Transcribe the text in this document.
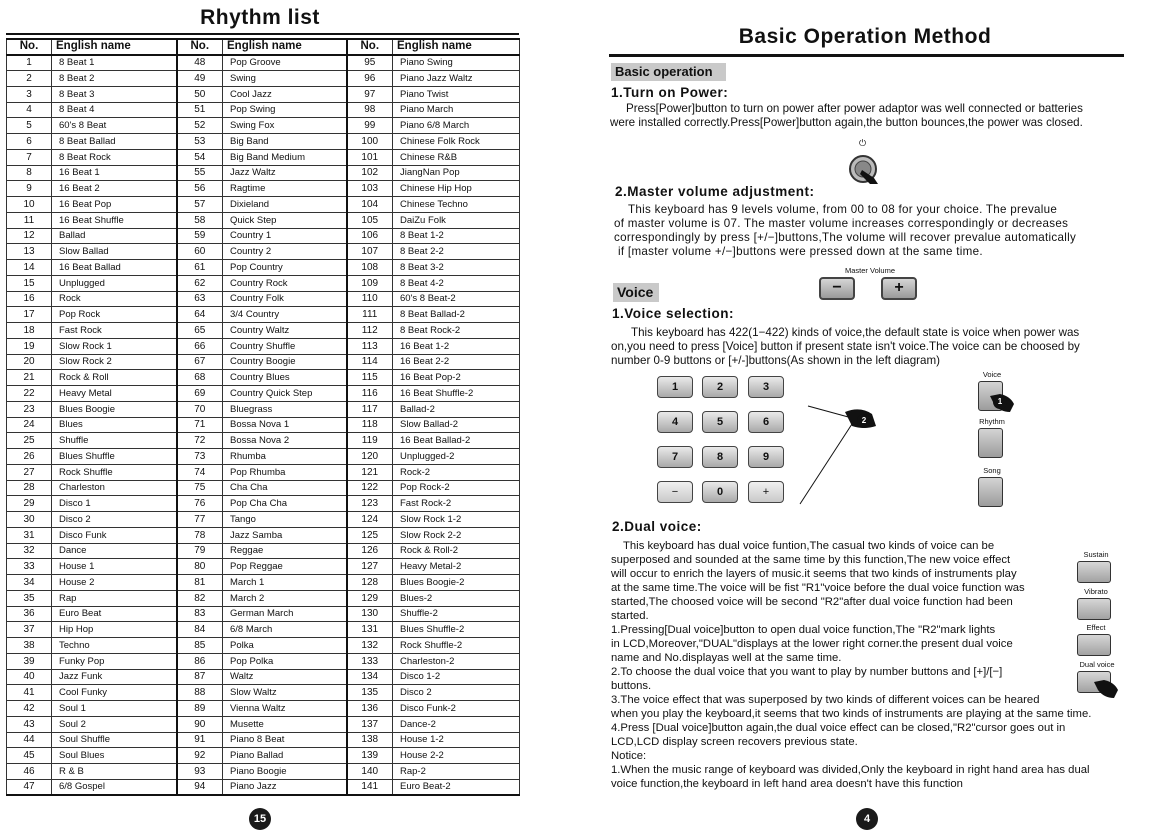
Rhythm list
No.	English name	No.	English name	No.	English name
1	8 Beat 1	48	Pop Groove	95	Piano Swing
2	8 Beat 2	49	Swing	96	Piano Jazz Waltz
3	8 Beat 3	50	Cool Jazz	97	Piano Twist
4	8 Beat 4	51	Pop Swing	98	Piano March
5	60's 8 Beat	52	Swing Fox	99	Piano 6/8 March
6	8 Beat Ballad	53	Big Band	100	Chinese Folk Rock
7	8 Beat Rock	54	Big Band Medium	101	Chinese R&B
8	16 Beat 1	55	Jazz Waltz	102	JiangNan Pop
9	16 Beat 2	56	Ragtime	103	Chinese Hip Hop
10	16 Beat Pop	57	Dixieland	104	Chinese Techno
11	16 Beat Shuffle	58	Quick Step	105	DaiZu Folk
12	Ballad	59	Country 1	106	8 Beat 1-2
13	Slow Ballad	60	Country 2	107	8 Beat 2-2
14	16 Beat Ballad	61	Pop Country	108	8 Beat 3-2
15	Unplugged	62	Country Rock	109	8 Beat 4-2
16	Rock	63	Country Folk	110	60's 8 Beat-2
17	Pop Rock	64	3/4 Country	111	8 Beat Ballad-2
18	Fast Rock	65	Country Waltz	112	8 Beat Rock-2
19	Slow Rock 1	66	Country Shuffle	113	16 Beat 1-2
20	Slow Rock 2	67	Country Boogie	114	16 Beat 2-2
21	Rock & Roll	68	Country Blues	115	16 Beat Pop-2
22	Heavy Metal	69	Country Quick Step	116	16 Beat Shuffle-2
23	Blues Boogie	70	Bluegrass	117	Ballad-2
24	Blues	71	Bossa Nova 1	118	Slow Ballad-2
25	Shuffle	72	Bossa Nova 2	119	16 Beat Ballad-2
26	Blues Shuffle	73	Rhumba	120	Unplugged-2
27	Rock Shuffle	74	Pop Rhumba	121	Rock-2
28	Charleston	75	Cha Cha	122	Pop Rock-2
29	Disco 1	76	Pop Cha Cha	123	Fast Rock-2
30	Disco 2	77	Tango	124	Slow Rock 1-2
31	Disco Funk	78	Jazz Samba	125	Slow Rock 2-2
32	Dance	79	Reggae	126	Rock & Roll-2
33	House 1	80	Pop Reggae	127	Heavy Metal-2
34	House 2	81	March 1	128	Blues Boogie-2
35	Rap	82	March 2	129	Blues-2
36	Euro Beat	83	German March	130	Shuffle-2
37	Hip Hop	84	6/8 March	131	Blues Shuffle-2
38	Techno	85	Polka	132	Rock Shuffle-2
39	Funky Pop	86	Pop Polka	133	Charleston-2
40	Jazz Funk	87	Waltz	134	Disco 1-2
41	Cool Funky	88	Slow Waltz	135	Disco 2
42	Soul 1	89	Vienna Waltz	136	Disco Funk-2
43	Soul 2	90	Musette	137	Dance-2
44	Soul Shuffle	91	Piano 8 Beat	138	House 1-2
45	Soul Blues	92	Piano Ballad	139	House 2-2
46	R & B	93	Piano Boogie	140	Rap-2
47	6/8 Gospel	94	Piano Jazz	141	Euro Beat-2
15
Basic Operation Method
Basic operation
1.Turn on Power:

Press[Power]button to turn on power after power adaptor was well connected or batteries

were installed correctly.Press[Power]button again,the button bounces,the power was closed.

⏻
2.Master volume adjustment:

This keyboard has 9 levels volume, from 00 to 08 for your choice. The prevalue

of master volume is 07. The master volume increases correspondingly or decreases

correspondingly by press [+/−]buttons,The volume will recover prevalue automatically

if [master volume +/−]buttons were pressed down at the same time.

Master Volume
−	+
Voice
1.Voice selection:

This keyboard has 422(1−422) kinds of voice,the default state is voice when power was

on,you need to press [Voice] button if present state isn't voice.The voice can be choosed by

number 0-9 buttons or [+/-]buttons(As shown in the left diagram)

1	2	3
4	5	6
7	8	9
−	0	+
2
Voice
1
Rhythm
Song
2.Dual voice:

This keyboard has dual voice funtion,The casual two kinds of voice can be

superposed and sounded at the same time by this function,The new voice effect

will occur to enrich the layers of music.it seems that two kinds of instruments play

at the same time.The voice will be fist "R1"voice before the dual voice function was

started,The choosed voice will be second "R2"after dual voice function had been

started.

1.Pressing[Dual voice]button to open dual voice function,The "R2"mark lights

in LCD,Moreover,"DUAL"displays at the lower right corner.the present dual voice

name and No.displayas well at the same time.

2.To choose the dual voice that you want to play by number buttons and [+]/[−]

buttons.

3.The voice effect that was superposed by two kinds of different voices can be heared

when you play the keyboard,it seems that two kinds of instruments are playing at the same time.

4.Press [Dual voice]button again,the dual voice effect can be closed,"R2"cursor goes out in

LCD,LCD display screen recovers previous state.

Notice:

1.When the music range of keyboard was divided,Only the keyboard in right hand area has dual

voice function,the keyboard in left hand area doesn't have this function

Sustain
Vibrato
Effect
Dual voice
4
